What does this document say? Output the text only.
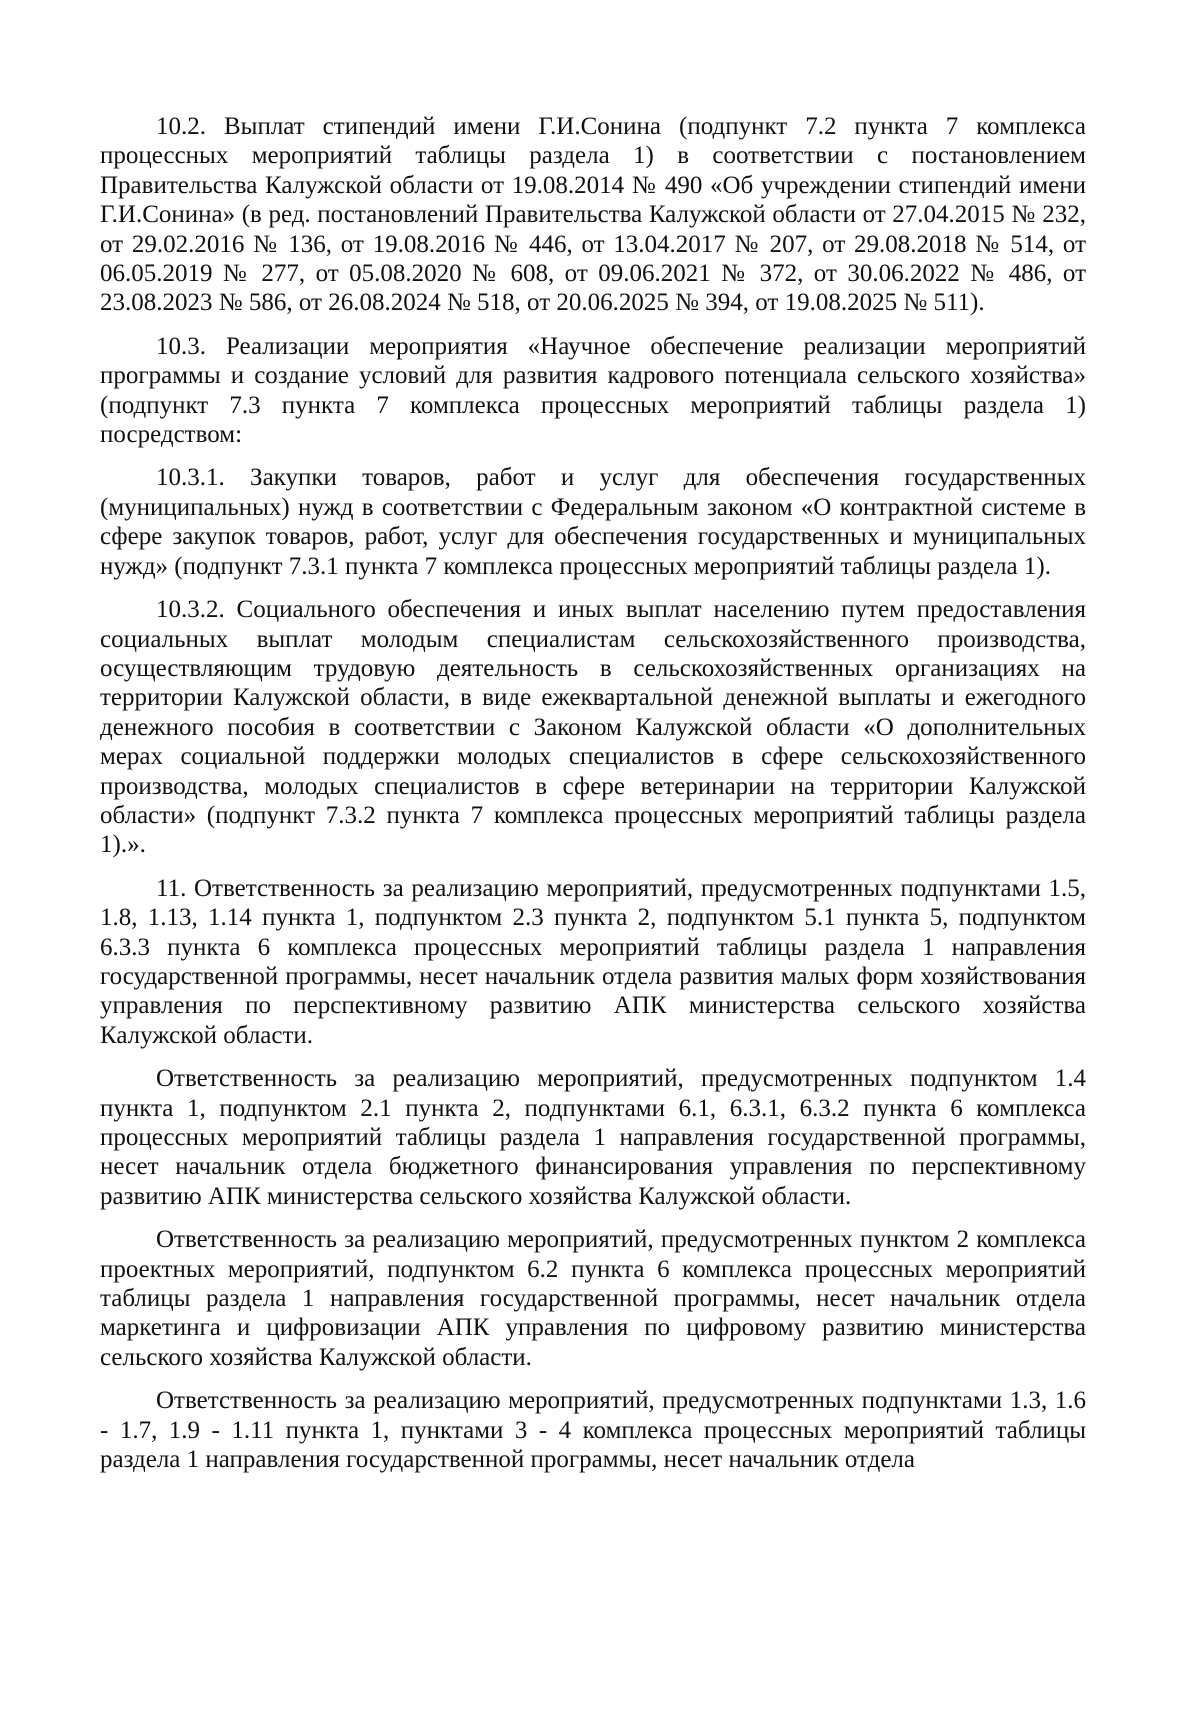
10.2. Выплат стипендий имени Г.И.Сонина (подпункт 7.2 пункта 7 комплекса процессных мероприятий таблицы раздела 1) в соответствии с постановлением Правительства Калужской области от 19.08.2014 № 490 «Об учреждении стипендий имени Г.И.Сонина» (в ред. постановлений Правительства Калужской области от 27.04.2015 № 232, от 29.02.2016 № 136, от 19.08.2016 № 446, от 13.04.2017 № 207, от 29.08.2018 № 514, от 06.05.2019 № 277, от 05.08.2020 № 608, от 09.06.2021 № 372, от 30.06.2022 № 486, от 23.08.2023 № 586, от 26.08.2024 № 518, от 20.06.2025 № 394, от 19.08.2025 № 511).

10.3. Реализации мероприятия «Научное обеспечение реализации мероприятий программы и создание условий для развития кадрового потенциала сельского хозяйства» (подпункт 7.3 пункта 7 комплекса процессных мероприятий таблицы раздела 1) посредством:

10.3.1. Закупки товаров, работ и услуг для обеспечения государственных (муниципальных) нужд в соответствии с Федеральным законом «О контрактной системе в сфере закупок товаров, работ, услуг для обеспечения государственных и муниципальных нужд» (подпункт 7.3.1 пункта 7 комплекса процессных мероприятий таблицы раздела 1).

10.3.2. Социального обеспечения и иных выплат населению путем предоставления социальных выплат молодым специалистам сельскохозяйственного производства, осуществляющим трудовую деятельность в сельскохозяйственных организациях на территории Калужской области, в виде ежеквартальной денежной выплаты и ежегодного денежного пособия в соответствии с Законом Калужской области «О дополнительных мерах социальной поддержки молодых специалистов в сфере сельскохозяйственного производства, молодых специалистов в сфере ветеринарии на территории Калужской области» (подпункт 7.3.2 пункта 7 комплекса процессных мероприятий таблицы раздела 1).».

11. Ответственность за реализацию мероприятий, предусмотренных подпунктами 1.5, 1.8, 1.13, 1.14 пункта 1, подпунктом 2.3 пункта 2, подпунктом 5.1 пункта 5, подпунктом 6.3.3 пункта 6 комплекса процессных мероприятий таблицы раздела 1 направления государственной программы, несет начальник отдела развития малых форм хозяйствования управления по перспективному развитию АПК министерства сельского хозяйства Калужской области.

Ответственность за реализацию мероприятий, предусмотренных подпунктом 1.4 пункта 1, подпунктом 2.1 пункта 2, подпунктами 6.1, 6.3.1, 6.3.2 пункта 6 комплекса процессных мероприятий таблицы раздела 1 направления государственной программы, несет начальник отдела бюджетного финансирования управления по перспективному развитию АПК министерства сельского хозяйства Калужской области.

Ответственность за реализацию мероприятий, предусмотренных пунктом 2 комплекса проектных мероприятий, подпунктом 6.2 пункта 6 комплекса процессных мероприятий таблицы раздела 1 направления государственной программы, несет начальник отдела маркетинга и цифровизации АПК управления по цифровому развитию министерства сельского хозяйства Калужской области.

Ответственность за реализацию мероприятий, предусмотренных подпунктами 1.3, 1.6 - 1.7, 1.9 - 1.11 пункта 1, пунктами 3 - 4 комплекса процессных мероприятий таблицы раздела 1 направления государственной программы, несет начальник отдела
